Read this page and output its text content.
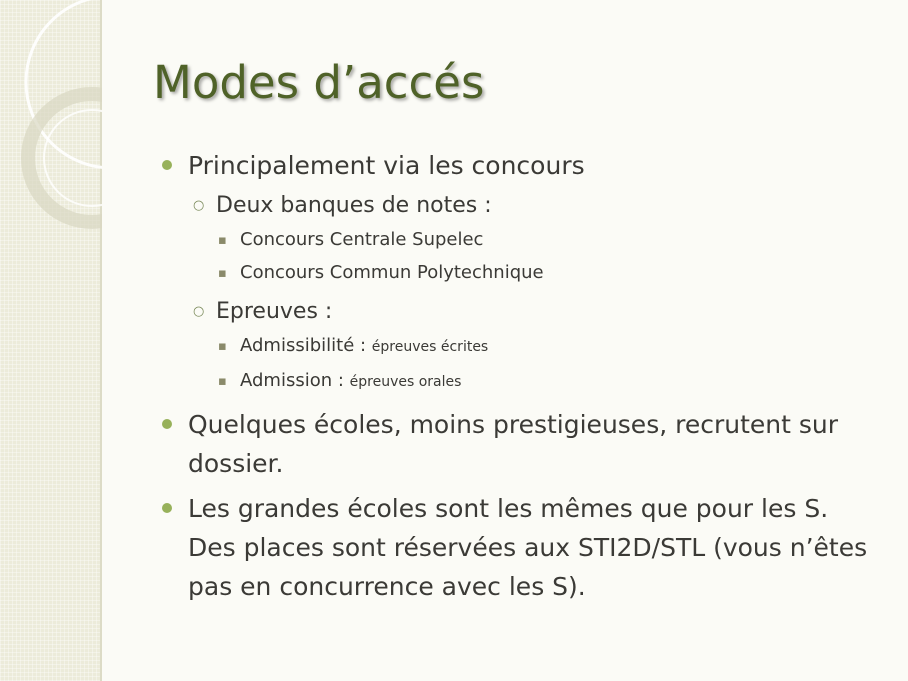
Modes d’accés
Principalement via les concours
○ Deux banques de notes :
▪ Concours Centrale Supelec
▪ Concours Commun Polytechnique
○ Epreuves :
▪ Admissibilité : épreuves écrites
▪ Admission : épreuves orales
Quelques écoles, moins prestigieuses, recrutent sur dossier.
Les grandes écoles sont les mêmes que pour les S. Des places sont réservées aux STI2D/STL (vous n’êtes pas en concurrence avec les S).
